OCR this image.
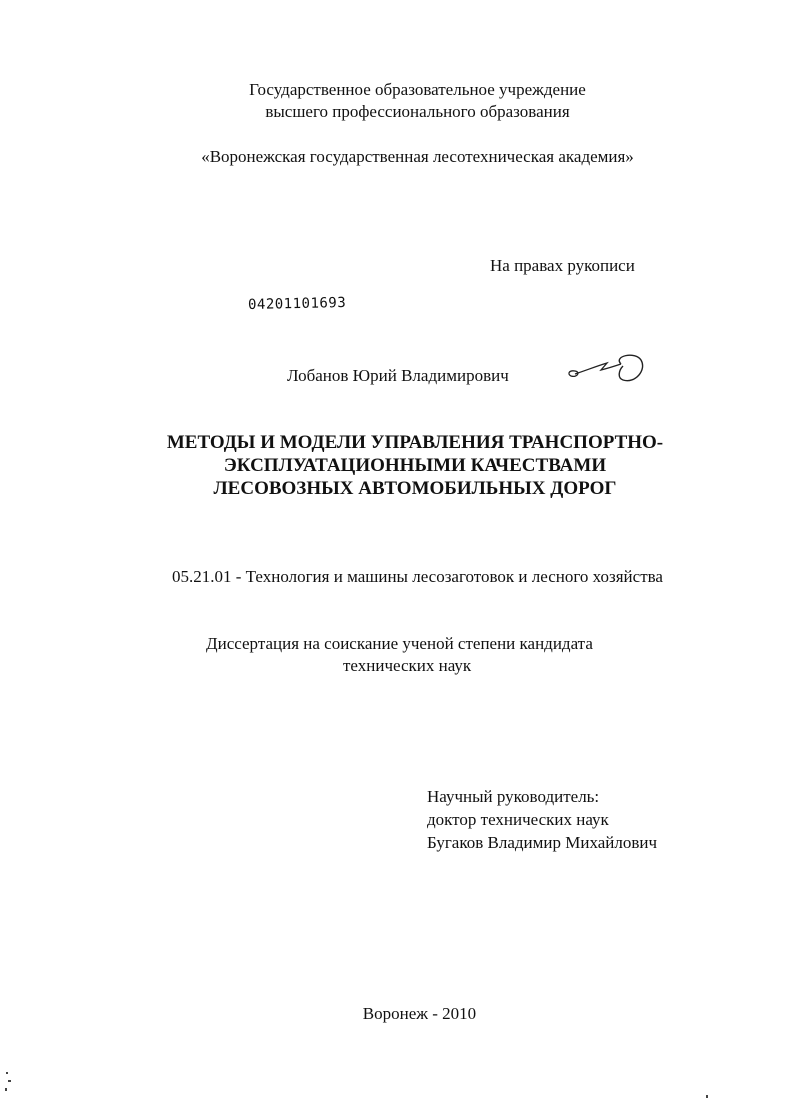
Государственное образовательное учреждение
высшего профессионального образования
«Воронежская государственная лесотехническая академия»
На правах рукописи
04201101693
Лобанов Юрий Владимирович
МЕТОДЫ И МОДЕЛИ УПРАВЛЕНИЯ ТРАНСПОРТНО-
ЭКСПЛУАТАЦИОННЫМИ КАЧЕСТВАМИ
ЛЕСОВОЗНЫХ АВТОМОБИЛЬНЫХ ДОРОГ
05.21.01 - Технология и машины лесозаготовок и лесного хозяйства
Диссертация на соискание ученой степени кандидата
технических наук
Научный руководитель:
доктор технических наук
Бугаков Владимир Михайлович
Воронеж - 2010
